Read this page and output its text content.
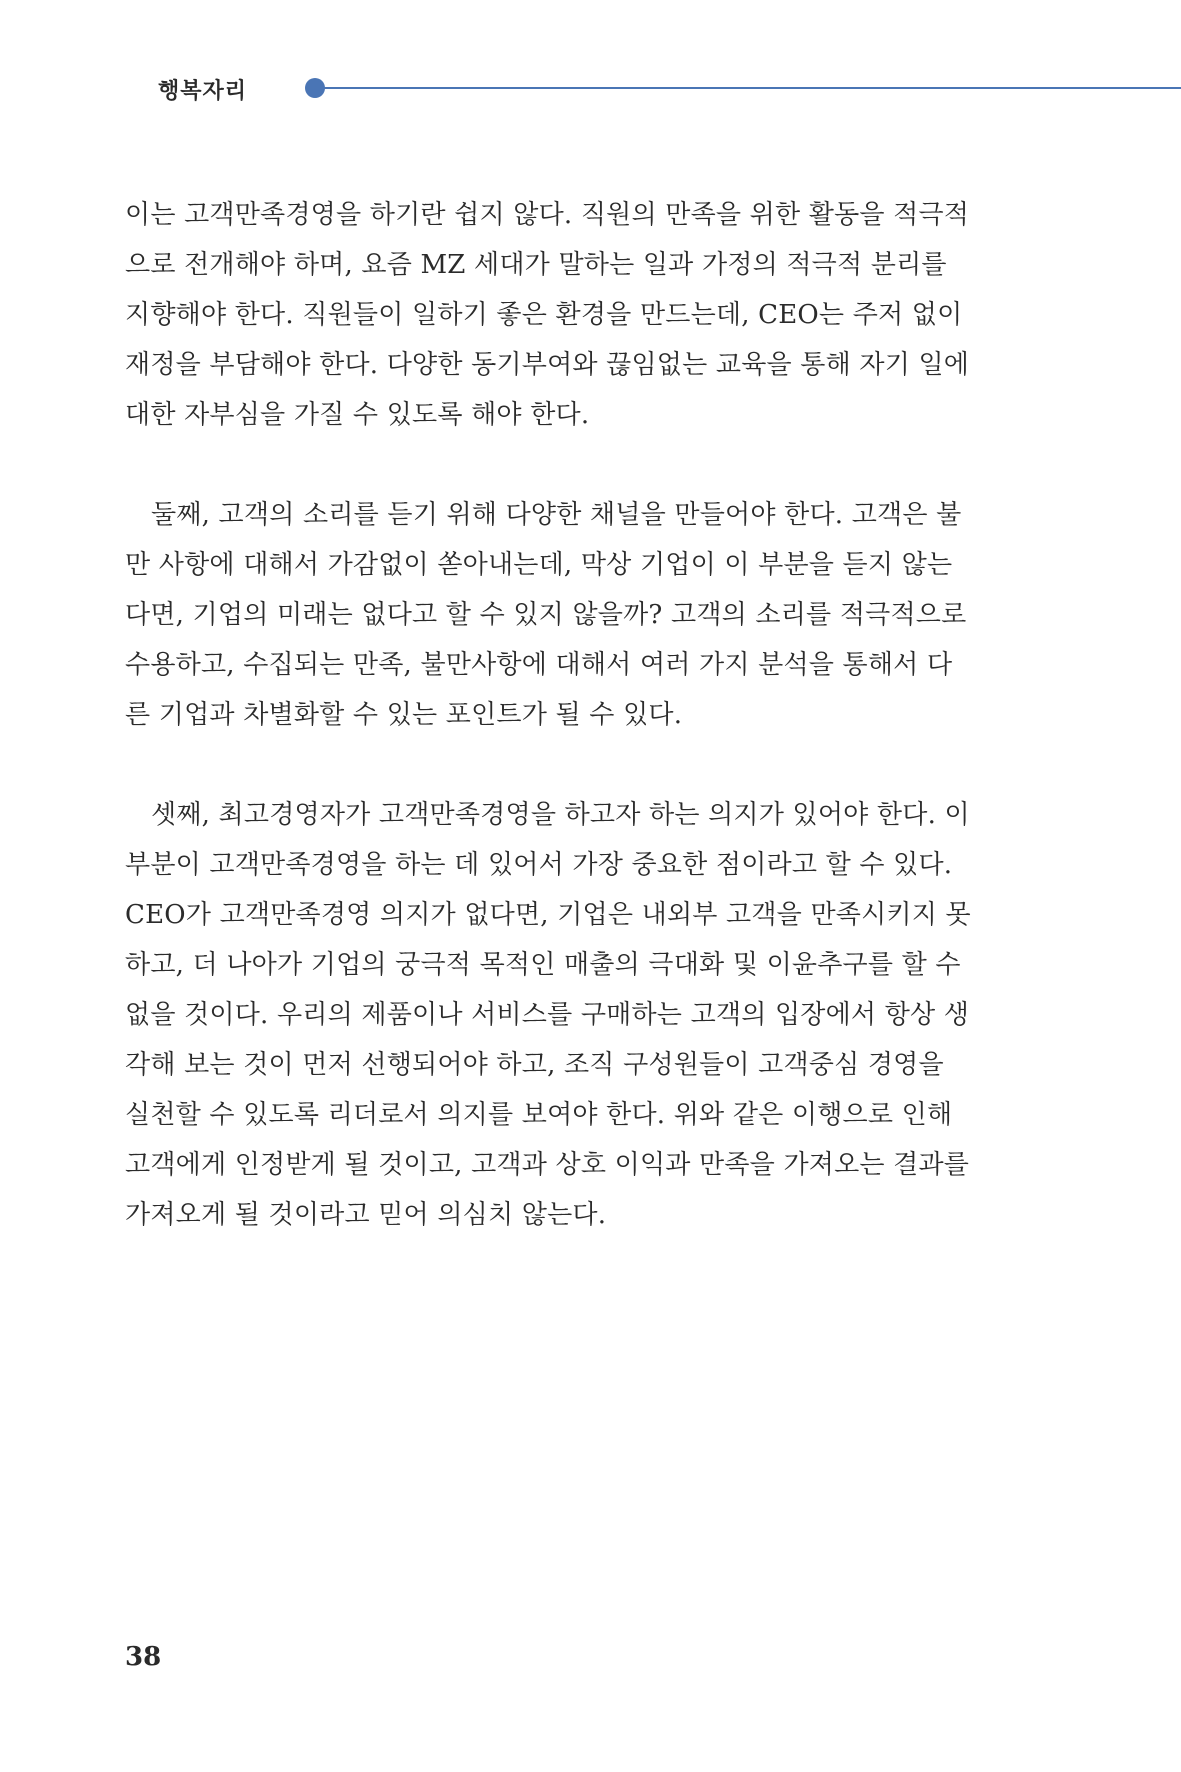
행복자리
이는 고객만족경영을 하기란 쉽지 않다. 직원의 만족을 위한 활동을 적극적
으로 전개해야 하며, 요즘 MZ 세대가 말하는 일과 가정의 적극적 분리를
지향해야 한다. 직원들이 일하기 좋은 환경을 만드는데, CEO는 주저 없이
재정을 부담해야 한다. 다양한 동기부여와 끊임없는 교육을 통해 자기 일에
대한 자부심을 가질 수 있도록 해야 한다.
둘째, 고객의 소리를 듣기 위해 다양한 채널을 만들어야 한다. 고객은 불
만 사항에 대해서 가감없이 쏟아내는데, 막상 기업이 이 부분을 듣지 않는
다면, 기업의 미래는 없다고 할 수 있지 않을까? 고객의 소리를 적극적으로
수용하고, 수집되는 만족, 불만사항에 대해서 여러 가지 분석을 통해서 다
른 기업과 차별화할 수 있는 포인트가 될 수 있다.
셋째, 최고경영자가 고객만족경영을 하고자 하는 의지가 있어야 한다. 이
부분이 고객만족경영을 하는 데 있어서 가장 중요한 점이라고 할 수 있다.
CEO가 고객만족경영 의지가 없다면, 기업은 내외부 고객을 만족시키지 못
하고, 더 나아가 기업의 궁극적 목적인 매출의 극대화 및 이윤추구를 할 수
없을 것이다. 우리의 제품이나 서비스를 구매하는 고객의 입장에서 항상 생
각해 보는 것이 먼저 선행되어야 하고, 조직 구성원들이 고객중심 경영을
실천할 수 있도록 리더로서 의지를 보여야 한다. 위와 같은 이행으로 인해
고객에게 인정받게 될 것이고, 고객과 상호 이익과 만족을 가져오는 결과를
가져오게 될 것이라고 믿어 의심치 않는다.
38
